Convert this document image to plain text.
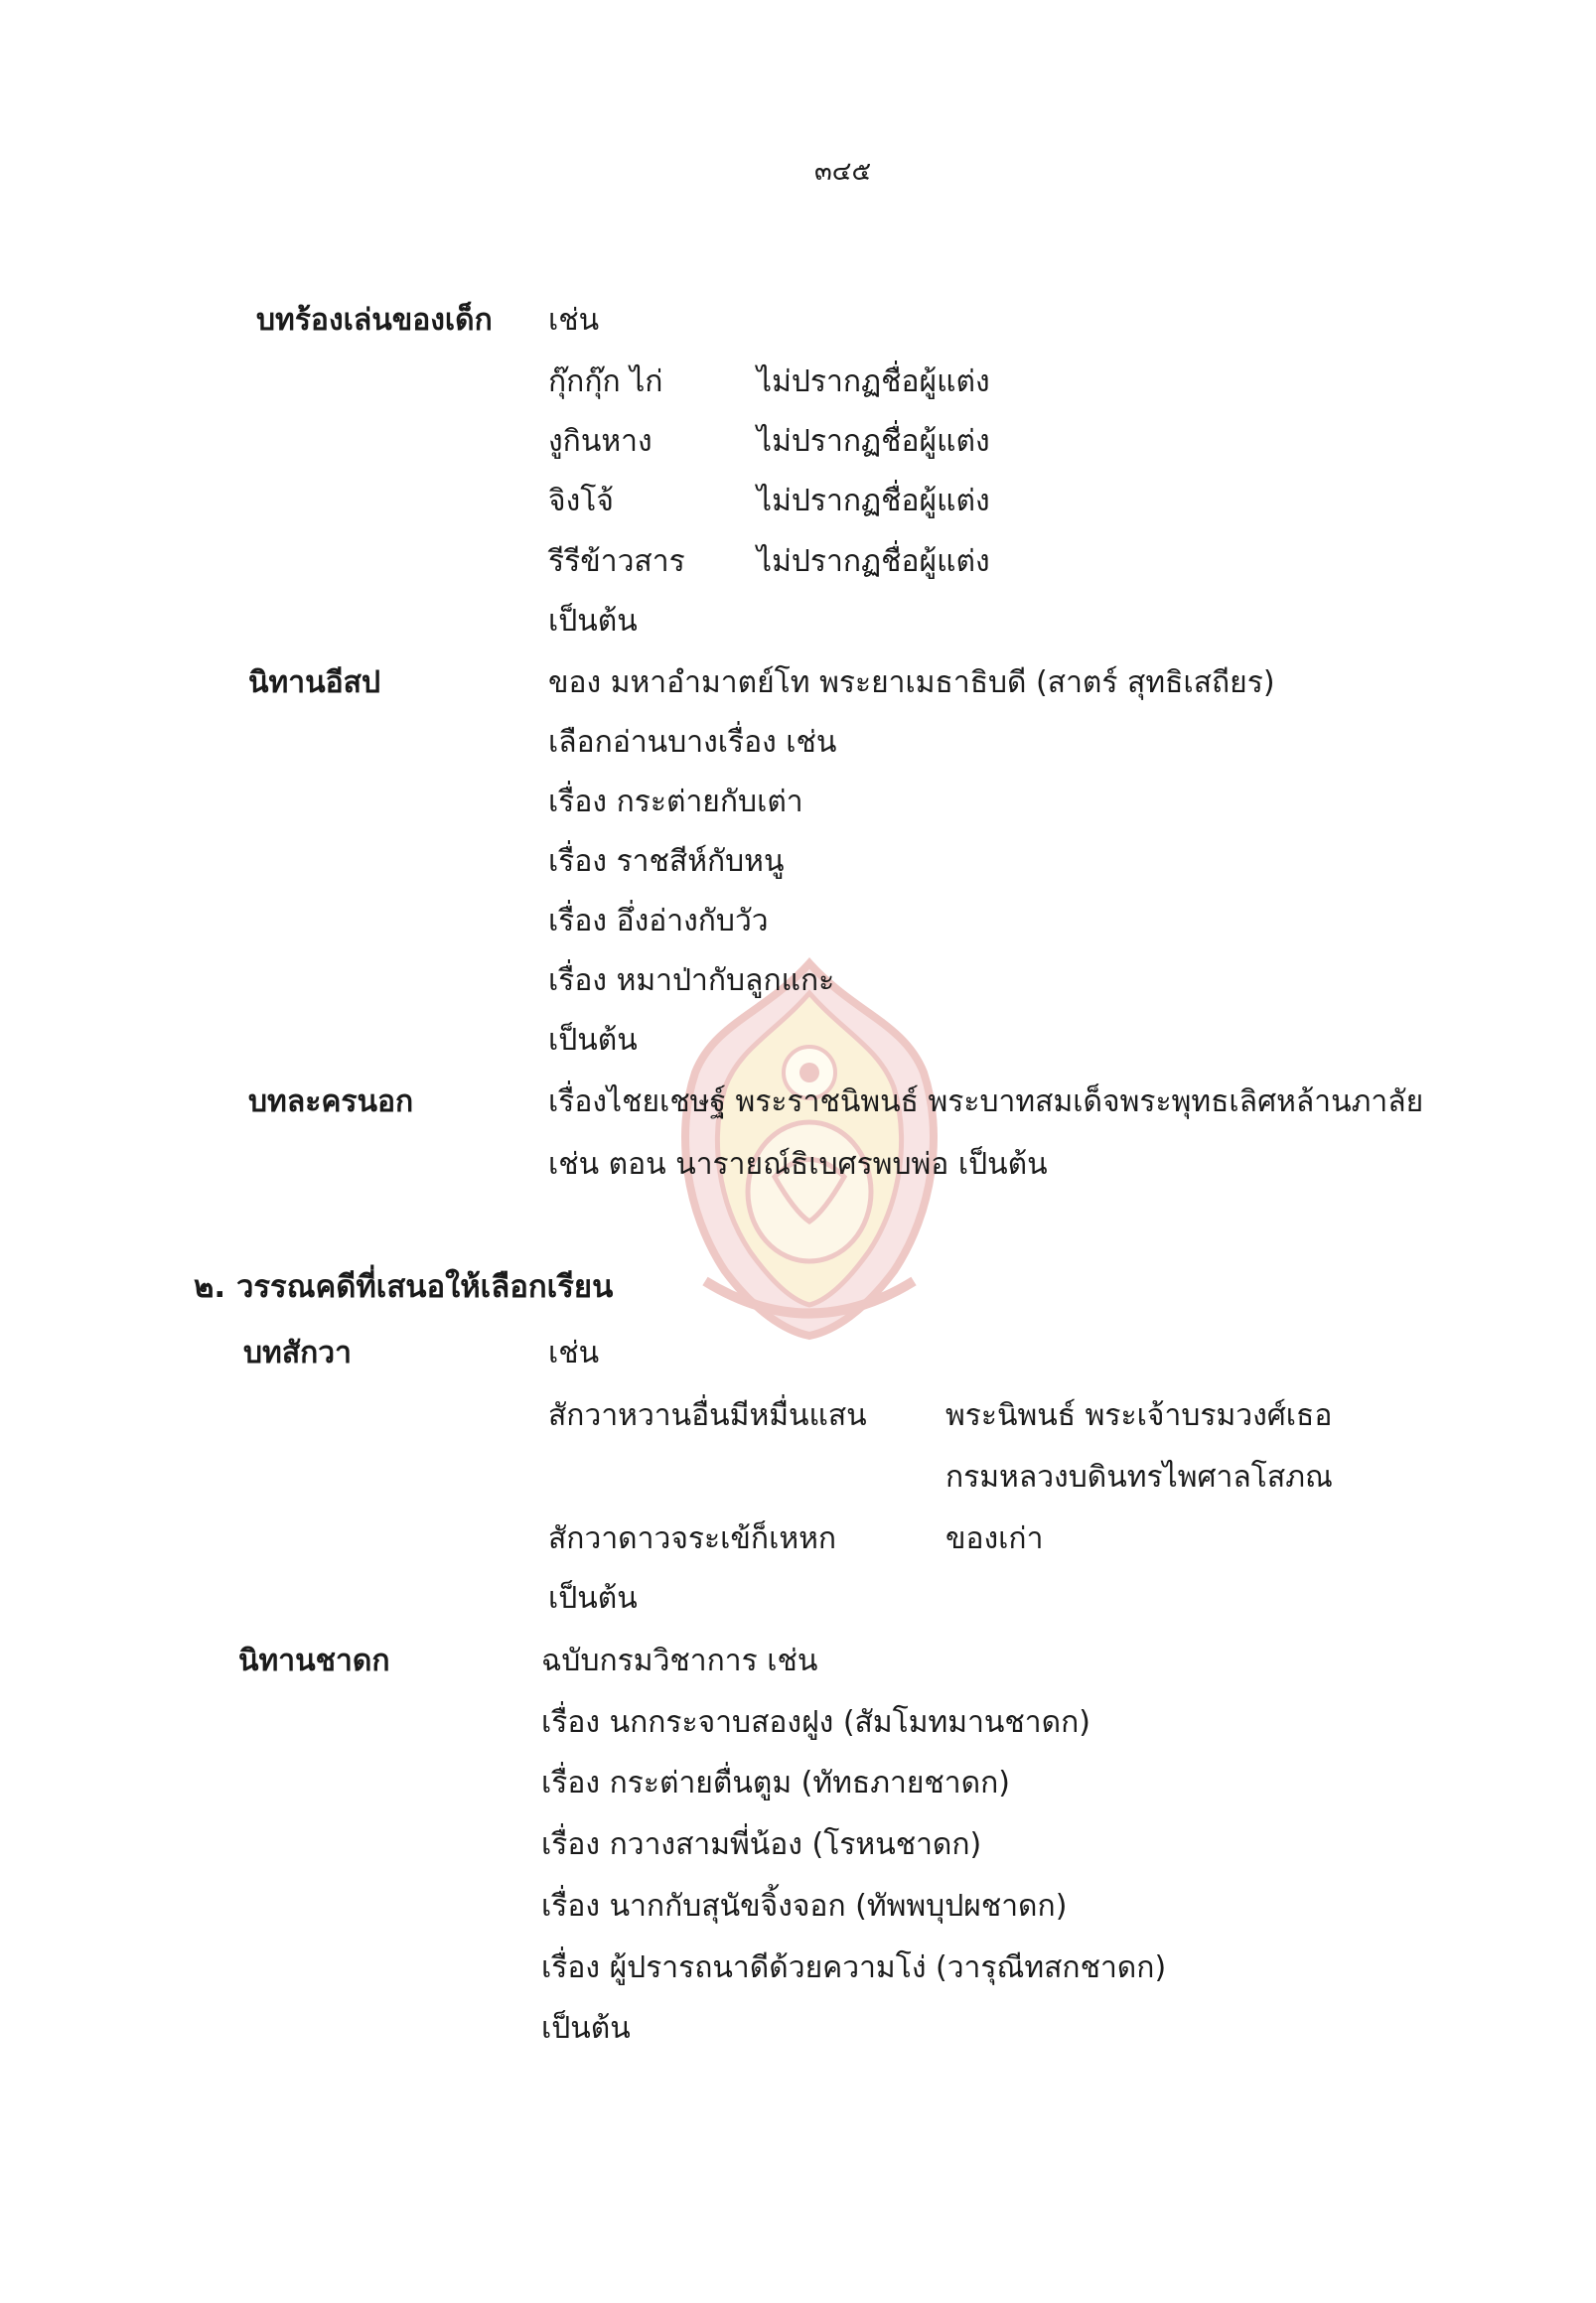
๓๔๕
บทร้องเล่นของเด็ก เช่น
กุ๊กกุ๊ก ไก่	ไม่ปรากฏชื่อผู้แต่ง
งูกินหาง	ไม่ปรากฏชื่อผู้แต่ง
จิงโจ้	ไม่ปรากฏชื่อผู้แต่ง
รีรีข้าวสาร ไม่ปรากฏชื่อผู้แต่ง
เป็นต้น
นิทานอีสป	ของ มหาอำมาตย์โท พระยาเมธาธิบดี (สาตร์ สุทธิเสถียร)
เลือกอ่านบางเรื่อง เช่น
เรื่อง กระต่ายกับเต่า
เรื่อง ราชสีห์กับหนู
เรื่อง อึ่งอ่างกับวัว
เรื่อง หมาป่ากับลูกแกะ
เป็นต้น
บทละครนอก	เรื่องไชยเชษฐ์ พระราชนิพนธ์ พระบาทสมเด็จพระพุทธเลิศหล้านภาลัย
เช่น ตอน นารายณ์ธิเบศรพบพ่อ เป็นต้น
๒. วรรณคดีที่เสนอให้เลือกเรียน
บทสักวา	เช่น
สักวาหวานอื่นมีหมื่นแสน	พระนิพนธ์ พระเจ้าบรมวงศ์เธอ
กรมหลวงบดินทรไพศาลโสภณ
สักวาดาวจระเข้ก็เหหก	ของเก่า
เป็นต้น
นิทานชาดก	ฉบับกรมวิชาการ เช่น
เรื่อง นกกระจาบสองฝูง (สัมโมทมานชาดก)
เรื่อง กระต่ายตื่นตูม (ทัทธภายชาดก)
เรื่อง กวางสามพี่น้อง (โรหนชาดก)
เรื่อง นากกับสุนัขจิ้งจอก (ทัพพบุปผชาดก)
เรื่อง ผู้ปรารถนาดีด้วยความโง่ (วารุณีทสกชาดก)
เป็นต้น
